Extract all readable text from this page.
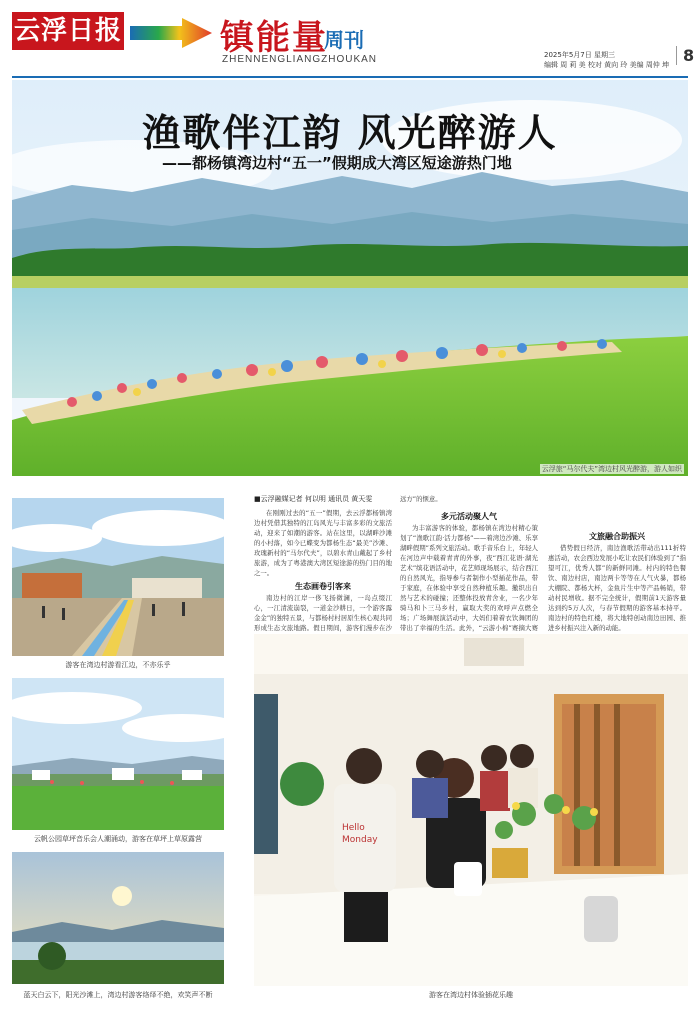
云浮日报	镇能量
周刊
ZHENNENGLIANGZHOUKAN	2025年5月7日 星期三
编辑 周 莉 美 校对 黄向 玲 美编 周仲 坤 8
渔歌伴江韵 风光醉游人
——都杨镇湾边村“五一”假期成大湾区短途游热门地
云浮旅“马尔代夫”湾边村风光醉游，游人如织
游客在湾边村游看江边，不亦乐乎
云帆公园草坪音乐会人潮涌动，游客在草坪上草原露营
蓝天白云下，阳光沙滩上，湾边村游客络绎不绝，欢笑声不断
■云浮融媒记者 何以明 通讯员 黄天雯

在刚刚过去的“五一”假期，去云浮都杨镇湾边村凭借其独特的江岛风光与丰富多彩的文旅活动，迎来了如潮的游客。站在这里，以湖畔沙滩的小村落，如今已蝶变为都杨生态“最美”沙滩、玫瑰新村的“马尔代夫”，以碧水青山戴起了乡村旅游，成为了粤港澳大湾区短途游的热门目的地之一。

生态画卷引客来

南边村的江岸一侈飞扬微澜，一岛点缀江心，一江清流崩裂，一道金沙耕日，一个游客露金金”的独特五景，与都杨村村居原生核心观共同形成生态文旅地路。假日期间，游客们漫步在沙

远方”的惬意。

多元活动聚人气

为丰富游客的体验，都杨镇在湾边村精心策划了“渔歌江韵·活力都杨”——着湾边沙滩、乐享湖畔假期”系列文旅活动。歌手音乐台上，年轻人在河边声中载着青青的外事，夜“西江花语·湖光艺术”缤花语活动中，花艺师现场展示，结合西江的自然风光，指导参与者制作小型插花作品，带于家庭，在体验中享受自然种植乐趣。撤织出自然与艺术的碰撞；还整体投放青舍业，一名少年骑马和卜三马乡村，赢取大奖的欢呼声点燃全场；广场舞展演活动中，大妈们着着衣饮舞团的带出了幸福的生活。此外，“云游小棉”赛摘大赛

文旅融合助振兴

借势假日经济，南边渔歌活带动出111折特惠活动，农会西边发展小吃让农民们体验到了“指望可江，优秀人都”的新鲜同滩。村内的特色餐饮、南边村店，南边两卡等等在人气火暴，都杨大棚院、都杨大杯，金鱼片生中等产品畅销，带动村民增收。据不完全统计，假期前1天游客量达到约5万人次，与春节假期的游客基本持平。南边村的特色红楼，将大地特创动南边田园、推进乡村振兴注入新的动能。

Hello
Monday
游客在湾边村体验插花乐趣
